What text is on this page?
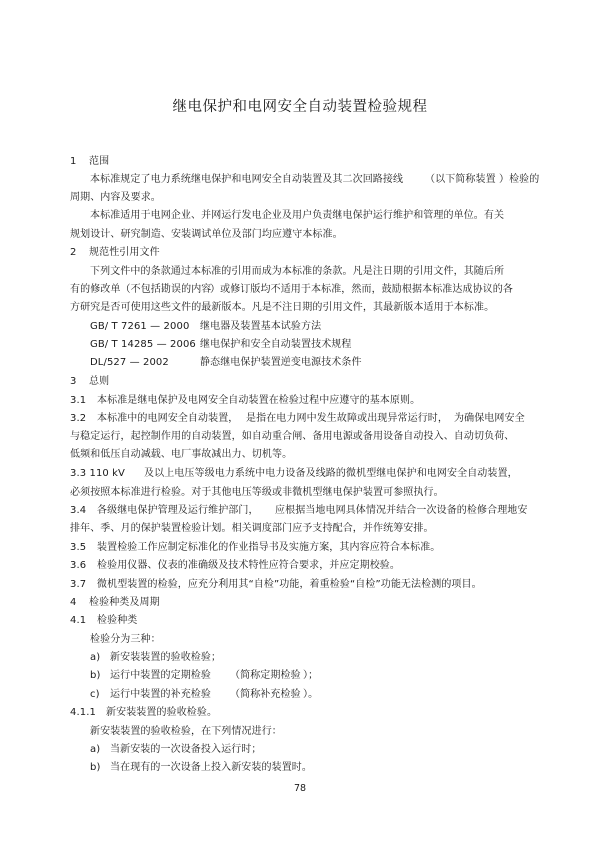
继电保护和电网安全自动装置检验规程
1 范围
本标准规定了电力系统继电保护和电网安全自动装置及其二次回路接线 （以下简称装置 ）检验的
周期、内容及要求。
本标准适用于电网企业、并网运行发电企业及用户负责继电保护运行维护和管理的单位。有关
规划设计、研究制造、安装调试单位及部门均应遵守本标准。
2 规范性引用文件
下列文件中的条款通过本标准的引用而成为本标准的条款。凡是注日期的引用文件，其随后所
有的修改单（不包括勘误的内容
）或修订版均不适用于本标准，然而，鼓励根据本标准达成协议的各
方研究是否可使用这些文件的最新版本。凡是不注日期的引用文件，其最新版本适用于本标准。
GB/ T 7261 — 2000 继电器及装置基本试验方法
GB/ T 14285 — 2006 继电保护和安全自动装置技术规程
DL/527 — 2002	静态继电保护装置逆变电源技术条件
3 总则
3.1 本标准是继电保护及电网安全自动装置在检验过程中应遵守的基本原则。
3.2 本标准中的电网安全自动装置， 是指在电力网中发生故障或出现异常运行时， 为确保电网安全
与稳定运行，起控制作用的自动装置，如自动重合闸、备用电源或备用设备自动投入、自动切负荷、
低频和低压自动减载、电厂事故减出力、切机等。
3.3 110 kV 及以上电压等级电力系统中电力设备及线路的微机型继电保护和电网安全自动装置，
必须按照本标准进行检验。对于其他电压等级或非微机型继电保护装置可参照执行。
3.4 各级继电保护管理及运行维护部门， 应根据当地电网具体情况并结合一次设备的检修合理地安
排年、季、月的保护装置检验计划。相关调度部门应予支持配合，并作统筹安排。
3.5 装置检验工作应制定标准化的作业指导书及实施方案，其内容应符合本标准。
3.6 检验用仪器、仪表的准确级及技术特性应符合要求，并应定期校验。
3.7 微机型装置的检验，应充分利用其“自检”功能，着重检验“自检”功能无法检测的项目。
4 检验种类及周期
4.1 检验种类
检验分为三种：
a) 新安装装置的验收检验；
b) 运行中装置的定期检验 （简称定期检验 ）；
c) 运行中装置的补充检验 （简称补充检验 ）。
4.1.1 新安装装置的验收检验。
新安装装置的验收检验，在下列情况进行：
a) 当新安装的一次设备投入运行时；
b) 当在现有的一次设备上投入新安装的装置时。
78
